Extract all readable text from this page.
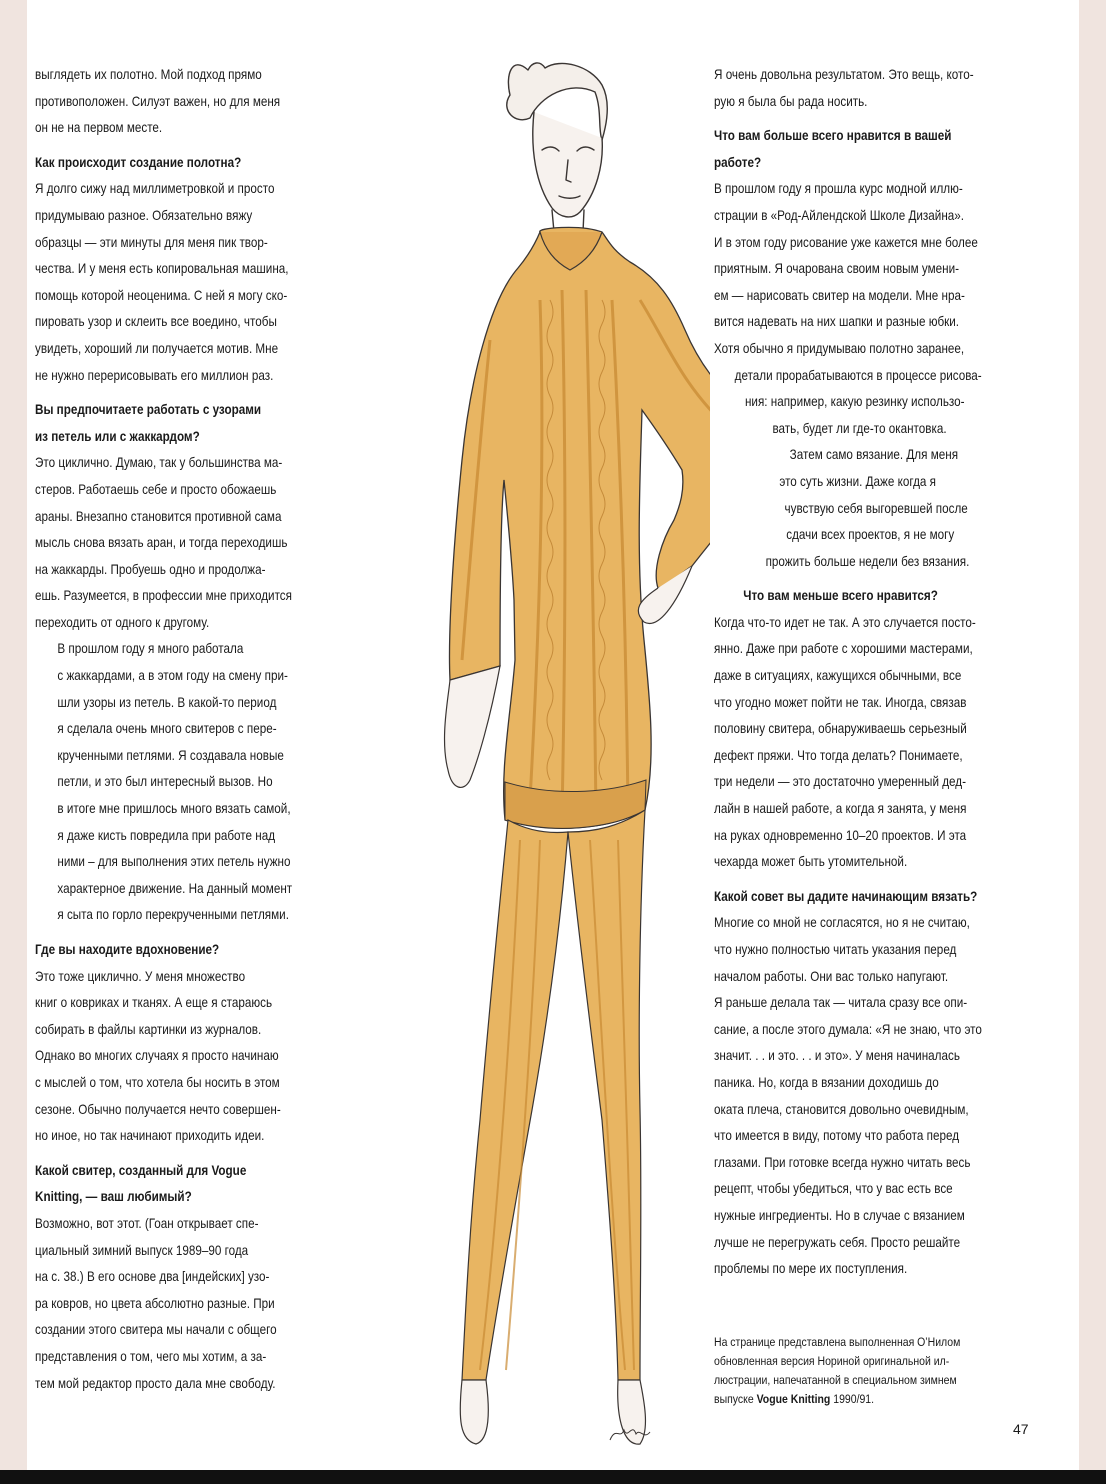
выглядеть их полотно. Мой подход прямо
противоположен. Силуэт важен, но для меня
он не на первом месте.

Как происходит создание полотна?

Я долго сижу над миллиметровкой и просто
придумываю разное. Обязательно вяжу
образцы — эти минуты для меня пик твор-
чества. И у меня есть копировальная машина,
помощь которой неоценима. С ней я могу ско-
пировать узор и склеить все воедино, чтобы
увидеть, хороший ли получается мотив. Мне
не нужно перерисовывать его миллион раз.

Вы предпочитаете работать с узорами
из петель или с жаккардом?

Это циклично. Думаю, так у большинства ма-
стеров. Работаешь себе и просто обожаешь
араны. Внезапно становится противной сама
мысль снова вязать аран, и тогда переходишь
на жаккарды. Пробуешь одно и продолжа-
ешь. Разумеется, в профессии мне приходится
переходить от одного к другому.

В прошлом году я много работала
с жаккардами, а в этом году на смену при-
шли узоры из петель. В какой-то период
я сделала очень много свитеров с пере-
крученными петлями. Я создавала новые
петли, и это был интересный вызов. Но
в итоге мне пришлось много вязать самой,
я даже кисть повредила при работе над
ними – для выполнения этих петель нужно
характерное движение. На данный момент
я сыта по горло перекрученными петлями.

Где вы находите вдохновение?

Это тоже циклично. У меня множество
книг о ковриках и тканях. А еще я стараюсь
собирать в файлы картинки из журналов.
Однако во многих случаях я просто начинаю
с мыслей о том, что хотела бы носить в этом
сезоне. Обычно получается нечто совершен-
но иное, но так начинают приходить идеи.

Какой свитер, созданный для Vogue
Knitting, — ваш любимый?

Возможно, вот этот. (Гоан открывает спе-
циальный зимний выпуск 1989–90 года
на с. 38.) В его основе два [индейских] узо-
ра ковров, но цвета абсолютно разные. При
создании этого свитера мы начали с общего
представления о том, чего мы хотим, а за-
тем мой редактор просто дала мне свободу.

Я очень довольна результатом. Это вещь, кото-
рую я была бы рада носить.

Что вам больше всего нравится в вашей
работе?

В прошлом году я прошла курс модной иллю-
страции в «Род-Айлендской Школе Дизайна».
И в этом году рисование уже кажется мне более
приятным. Я очарована своим новым умени-
ем — нарисовать свитер на модели. Мне нра-
вится надевать на них шапки и разные юбки.
Хотя обычно я придумываю полотно заранее,
детали прорабатываются в процессе рисова-
ния: например, какую резинку использо-
вать, будет ли где-то окантовка.
Затем само вязание. Для меня
это суть жизни. Даже когда я
чувствую себя выгоревшей после
сдачи всех проектов, я не могу
прожить больше недели без вязания.

Что вам меньше всего нравится?

Когда что-то идет не так. А это случается посто-
янно. Даже при работе с хорошими мастерами,
даже в ситуациях, кажущихся обычными, все
что угодно может пойти не так. Иногда, связав
половину свитера, обнаруживаешь серьезный
дефект пряжи. Что тогда делать? Понимаете,
три недели — это достаточно умеренный дед-
лайн в нашей работе, а когда я занята, у меня
на руках одновременно 10–20 проектов. И эта
чехарда может быть утомительной.

Какой совет вы дадите начинающим вязать?

Многие со мной не согласятся, но я не считаю,
что нужно полностью читать указания перед
началом работы. Они вас только напугают.
Я раньше делала так — читала сразу все опи-
сание, а после этого думала: «Я не знаю, что это
значит. . . и это. . . и это». У меня начиналась
паника. Но, когда в вязании доходишь до
оката плеча, становится довольно очевидным,
что имеется в виду, потому что работа перед
глазами. При готовке всегда нужно читать весь
рецепт, чтобы убедиться, что у вас есть все
нужные ингредиенты. Но в случае с вязанием
лучше не перегружать себя. Просто решайте
проблемы по мере их поступления.

На странице представлена выполненная О’Нилом
обновленная версия Нориной оригинальной ил-
люстрации, напечатанной в специальном зимнем
выпуске Vogue Knitting 1990/91.
47
